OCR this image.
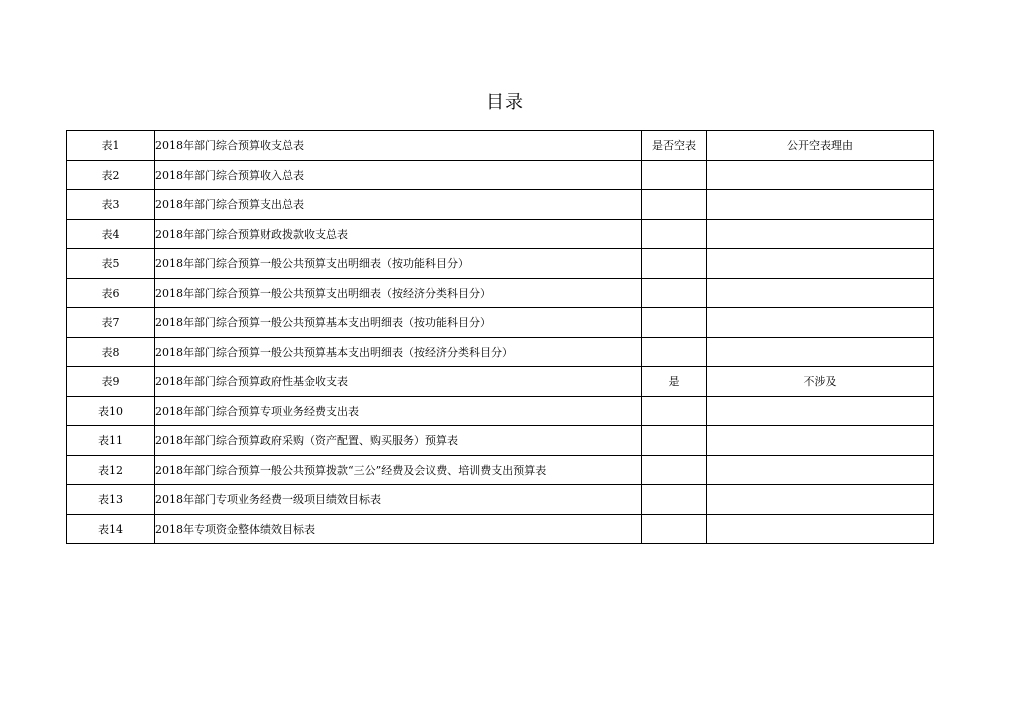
目录
表1	2018年部门综合预算收支总表	是否空表	公开空表理由
表2	2018年部门综合预算收入总表		
表3	2018年部门综合预算支出总表		
表4	2018年部门综合预算财政拨款收支总表		
表5	2018年部门综合预算一般公共预算支出明细表（按功能科目分）		
表6	2018年部门综合预算一般公共预算支出明细表（按经济分类科目分）		
表7	2018年部门综合预算一般公共预算基本支出明细表（按功能科目分）		
表8	2018年部门综合预算一般公共预算基本支出明细表（按经济分类科目分）		
表9	2018年部门综合预算政府性基金收支表	是	不涉及
表10	2018年部门综合预算专项业务经费支出表		
表11	2018年部门综合预算政府采购（资产配置、购买服务）预算表		
表12	2018年部门综合预算一般公共预算拨款“三公”经费及会议费、培训费支出预算表		
表13	2018年部门专项业务经费一级项目绩效目标表		
表14	2018年专项资金整体绩效目标表		
